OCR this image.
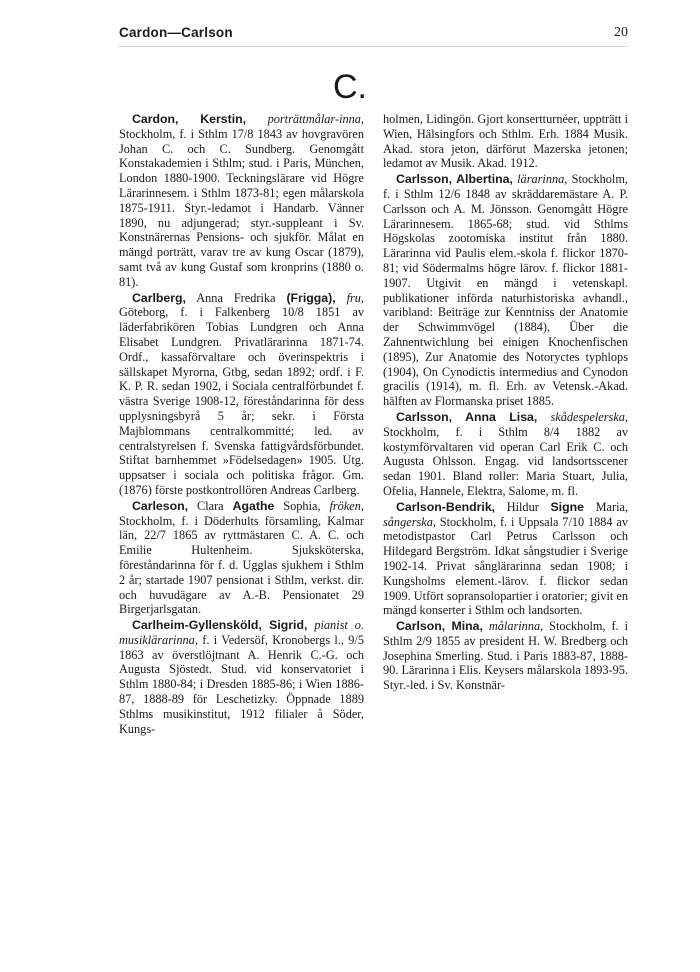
Cardon—Carlson	20
C.

Cardon, Kerstin, porträttmålar-inna, Stockholm, f. i Sthlm 17/8 1843 av hovgravören Johan C. och C. Sundberg. Genomgått Konstakademien i Sthlm; stud. i Paris, München, London 1880-1900. Teckningslärare vid Högre Lärarinnesem. i Sthlm 1873-81; egen målarskola 1875-1911. Styr.-ledamot i Handarb. Vänner 1890, nu adjungerad; styr.-suppleant i Sv. Konstnärernas Pensions- och sjukför. Målat en mängd porträtt, varav tre av kung Oscar (1879), samt två av kung Gustaf som kronprins (1880 o. 81).

Carlberg, Anna Fredrika (Frigga), fru, Göteborg, f. i Falkenberg 10/8 1851 av läderfabrikören Tobias Lundgren och Anna Elisabet Lundgren. Privatlärarinna 1871-74. Ordf., kassaförvaltare och överinspektris i sällskapet Myrorna, Gtbg, sedan 1892; ordf. i F. K. P. R. sedan 1902, i Sociala centralförbundet f. västra Sverige 1908-12, föreståndarinna för dess upplysningsbyrå 5 år; sekr. i Första Majblommans centralkommitté; led. av centralstyrelsen f. Svenska fattigvårdsförbundet. Stiftat barnhemmet »Födelsedagen» 1905. Utg. uppsatser i sociala och politiska frågor. Gm. (1876) förste postkontrollören Andreas Carlberg.

Carleson, Clara Agathe Sophia, fröken, Stockholm, f. i Döderhults församling, Kalmar län, 22/7 1865 av ryttmästaren C. A. C. och Emilie Hultenheim. Sjuksköterska, föreståndarinna för f. d. Ugglas sjukhem i Sthlm 2 år; startade 1907 pensionat i Sthlm, verkst. dir. och huvudägare av A.-B. Pensionatet 29 Birgerjarlsgatan.

Carlheim-Gyllensköld, Sigrid, pianist o. musiklärarinna, f. i Vedersöf, Kronobergs l., 9/5 1863 av överstlöjtnant A. Henrik C.-G. och Augusta Sjöstedt. Stud. vid konservatoriet i Sthlm 1880-84; i Dresden 1885-86; i Wien 1886-87, 1888-89 för Leschetizky. Öppnade 1889 Sthlms musikinstitut, 1912 filialer å Söder, Kungs-

holmen, Lidingön. Gjort konsertturnéer, uppträtt i Wien, Hälsingfors och Sthlm. Erh. 1884 Musik. Akad. stora jeton, därförut Mazerska jetonen; ledamot av Musik. Akad. 1912.

Carlsson, Albertina, lärarinna, Stockholm, f. i Sthlm 12/6 1848 av skräddaremästare A. P. Carlsson och A. M. Jönsson. Genomgått Högre Lärarinnesem. 1865-68; stud. vid Sthlms Högskolas zootomiska institut från 1880. Lärarinna vid Paulis elem.-skola f. flickor 1870-81; vid Södermalms högre lärov. f. flickor 1881-1907. Utgivit en mängd i vetenskapl. publikationer införda naturhistoriska avhandl., varibland: Beiträge zur Kenntniss der Anatomie der Schwimmvögel (1884), Über die Zahnentwichlung bei einigen Knochenfischen (1895), Zur Anatomie des Notoryctes typhlops (1904), On Cynodictis intermedius and Cynodon gracilis (1914), m. fl. Erh. av Vetensk.-Akad. hälften av Flormanska priset 1885.

Carlsson, Anna Lisa, skådespelerska, Stockholm, f. i Sthlm 8/4 1882 av kostymförvaltaren vid operan Carl Erik C. och Augusta Ohlsson. Engag. vid landsortsscener sedan 1901. Bland roller: Maria Stuart, Julia, Ofelia, Hannele, Elektra, Salome, m. fl.

Carlson-Bendrik, Hildur Signe Maria, sångerska, Stockholm, f. i Uppsala 7/10 1884 av metodistpastor Carl Petrus Carlsson och Hildegard Bergström. Idkat sångstudier i Sverige 1902-14. Privat sånglärarinna sedan 1908; i Kungsholms element.-lärov. f. flickor sedan 1909. Utfört sopransolopartier i oratorier; givit en mängd konserter i Sthlm och landsorten.

Carlson, Mina, målarinna, Stockholm, f. i Sthlm 2/9 1855 av president H. W. Bredberg och Josephina Smerling. Stud. i Paris 1883-87, 1888-90. Lärarinna i Elis. Keysers målarskola 1893-95. Styr.-led. i Sv. Konstnär-
